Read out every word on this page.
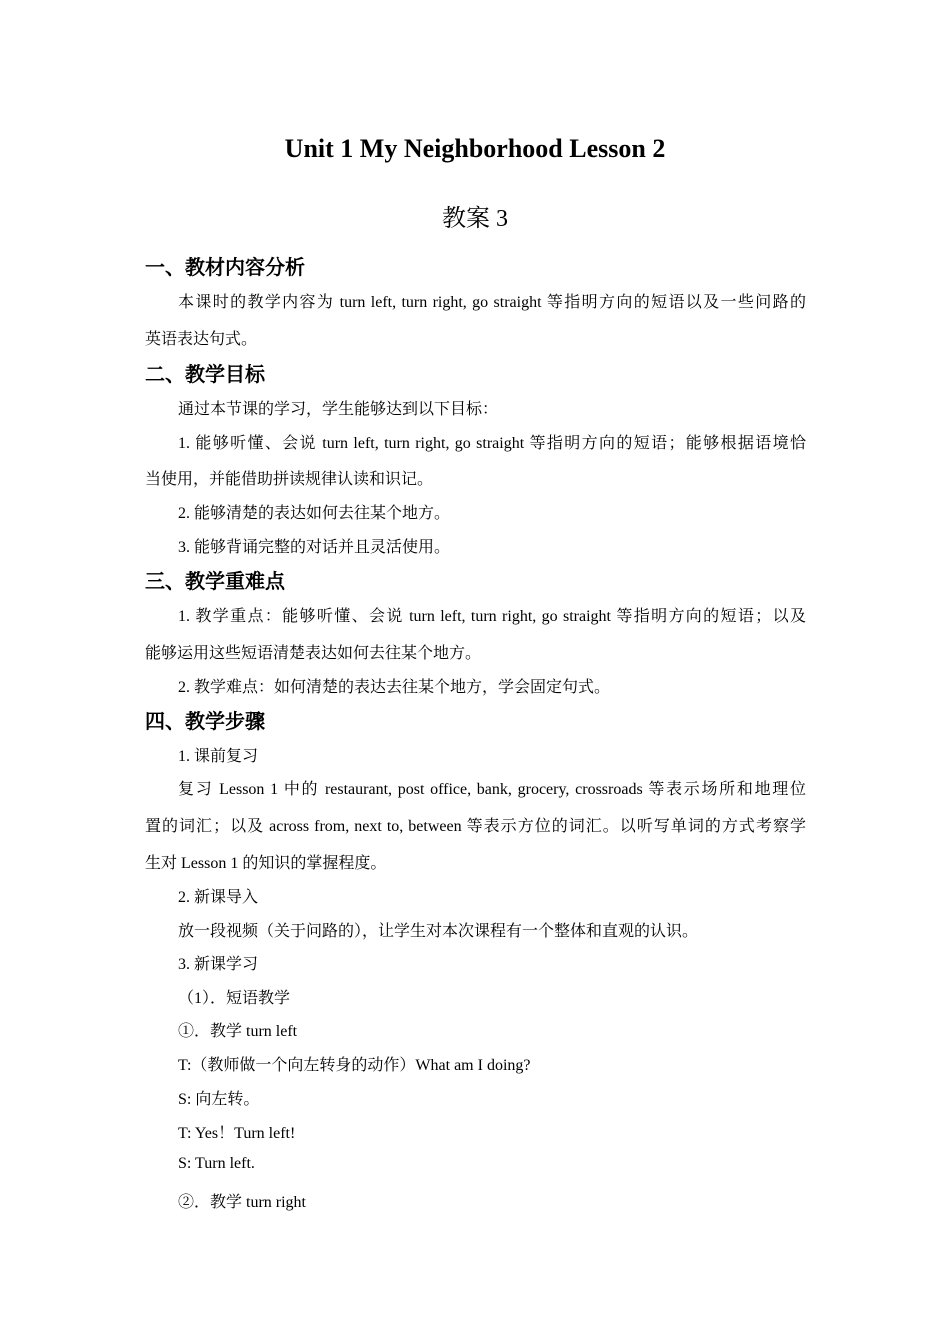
Unit 1 My Neighborhood Lesson 2
教案 3
一、教材内容分析
本课时的教学内容为 turn left, turn right, go straight 等指明方向的短语以及一些问路的
英语表达句式。
二、教学目标
通过本节课的学习，学生能够达到以下目标：
1. 能够听懂、会说 turn left, turn right, go straight 等指明方向的短语；能够根据语境恰
当使用，并能借助拼读规律认读和识记。
2. 能够清楚的表达如何去往某个地方。
3. 能够背诵完整的对话并且灵活使用。
三、教学重难点
1. 教学重点：能够听懂、会说 turn left, turn right, go straight 等指明方向的短语；以及
能够运用这些短语清楚表达如何去往某个地方。
2. 教学难点：如何清楚的表达去往某个地方，学会固定句式。
四、教学步骤
1. 课前复习
复习 Lesson 1 中的 restaurant, post office, bank, grocery, crossroads 等表示场所和地理位
置的词汇；以及 across from, next to, between 等表示方位的词汇。以听写单词的方式考察学
生对 Lesson 1 的知识的掌握程度。
2. 新课导入
放一段视频（关于问路的），让学生对本次课程有一个整体和直观的认识。
3. 新课学习
（1）．短语教学
①．教学 turn left
T:（教师做一个向左转身的动作）What am I doing?
S: 向左转。
T: Yes！Turn left!
S: Turn left.
②．教学 turn right
